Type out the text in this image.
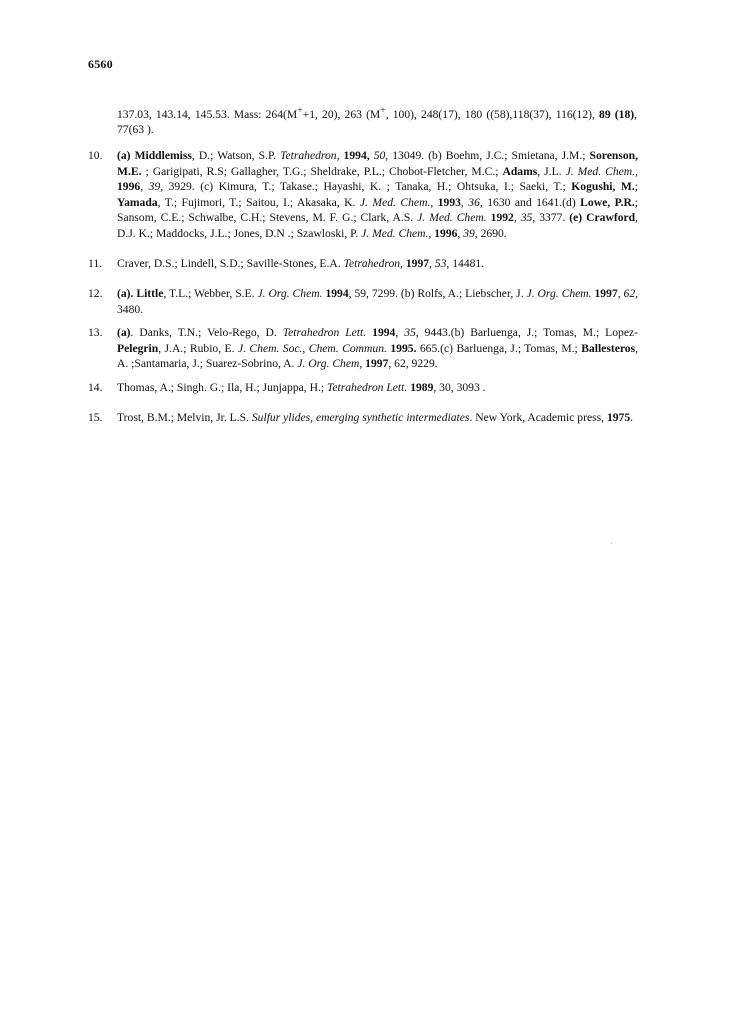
6560
137.03, 143.14, 145.53. Mass: 264(M++1, 20), 263 (M+, 100), 248(17), 180 ((58),118(37), 116(12), 89 (18), 77(63 ).
10.	(a) Middlemiss, D.; Watson, S.P. Tetrahedron, 1994, 50, 13049. (b) Boehm, J.C.; Smietana, J.M.; Sorenson, M.E. ; Garigipati, R.S; Gallagher, T.G.; Sheldrake, P.L.; Chobot-Fletcher, M.C.; Adams, J.L. J. Med. Chem., 1996, 39, 3929. (c) Kimura, T.; Takase.; Hayashi, K. ; Tanaka, H.; Ohtsuka, I.; Saeki, T.; Kogushi, M.; Yamada, T.; Fujimori, T.; Saitou, I.; Akasaka, K. J. Med. Chem., 1993, 36, 1630 and 1641.(d) Lowe, P.R.; Sansom, C.E.; Schwalbe, C.H.; Stevens, M. F. G.; Clark, A.S. J. Med. Chem. 1992, 35, 3377. (e) Crawford, D.J. K.; Maddocks, J.L.; Jones, D.N .; Szawloski, P. J. Med. Chem., 1996, 39, 2690.
11.	Craver, D.S.; Lindell, S.D.; Saville-Stones, E.A. Tetrahedron, 1997, 53, 14481.
12.	(a). Little, T.L.; Webber, S.E. J. Org. Chem. 1994, 59, 7299. (b) Rolfs, A.; Liebscher, J. J. Org. Chem. 1997, 62, 3480.
13.	(a). Danks, T.N.; Velo-Rego, D. Tetrahedron Lett. 1994, 35, 9443.(b) Barluenga, J.; Tomas, M.; Lopez-Pelegrin, J.A.; Rubio, E. J. Chem. Soc., Chem. Commun. 1995. 665.(c) Barluenga, J.; Tomas, M.; Ballesteros, A. ;Santamaria, J.; Suarez-Sobrino, A. J. Org. Chem, 1997, 62, 9229.
14.	Thomas, A.; Singh. G.; Ila, H.; Junjappa, H.; Tetrahedron Lett. 1989, 30, 3093 .
15.	Trost, B.M.; Melvin, Jr. L.S. Sulfur ylides, emerging synthetic intermediates. New York, Academic press, 1975.
